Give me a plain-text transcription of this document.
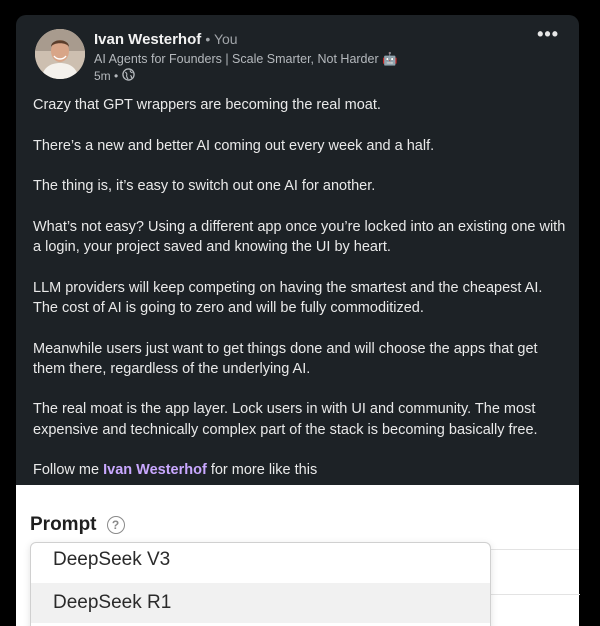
Ivan Westerhof • You
AI Agents for Founders | Scale Smarter, Not Harder 🤖
5m •
•••

Crazy that GPT wrappers are becoming the real moat.

There’s a new and better AI coming out every week and a half.

The thing is, it’s easy to switch out one AI for another.

What’s not easy? Using a different app once you’re locked into an existing one with a login, your project saved and knowing the UI by heart.

LLM providers will keep competing on having the smartest and the cheapest AI. The cost of AI is going to zero and will be fully commoditized.

Meanwhile users just want to get things done and will choose the apps that get them there, regardless of the underlying AI.

The real moat is the app layer. Lock users in with UI and community. The most expensive and technically complex part of the stack is becoming basically free.

Follow me Ivan Westerhof for more like this

Prompt	?
DeepSeek V3
DeepSeek R1
